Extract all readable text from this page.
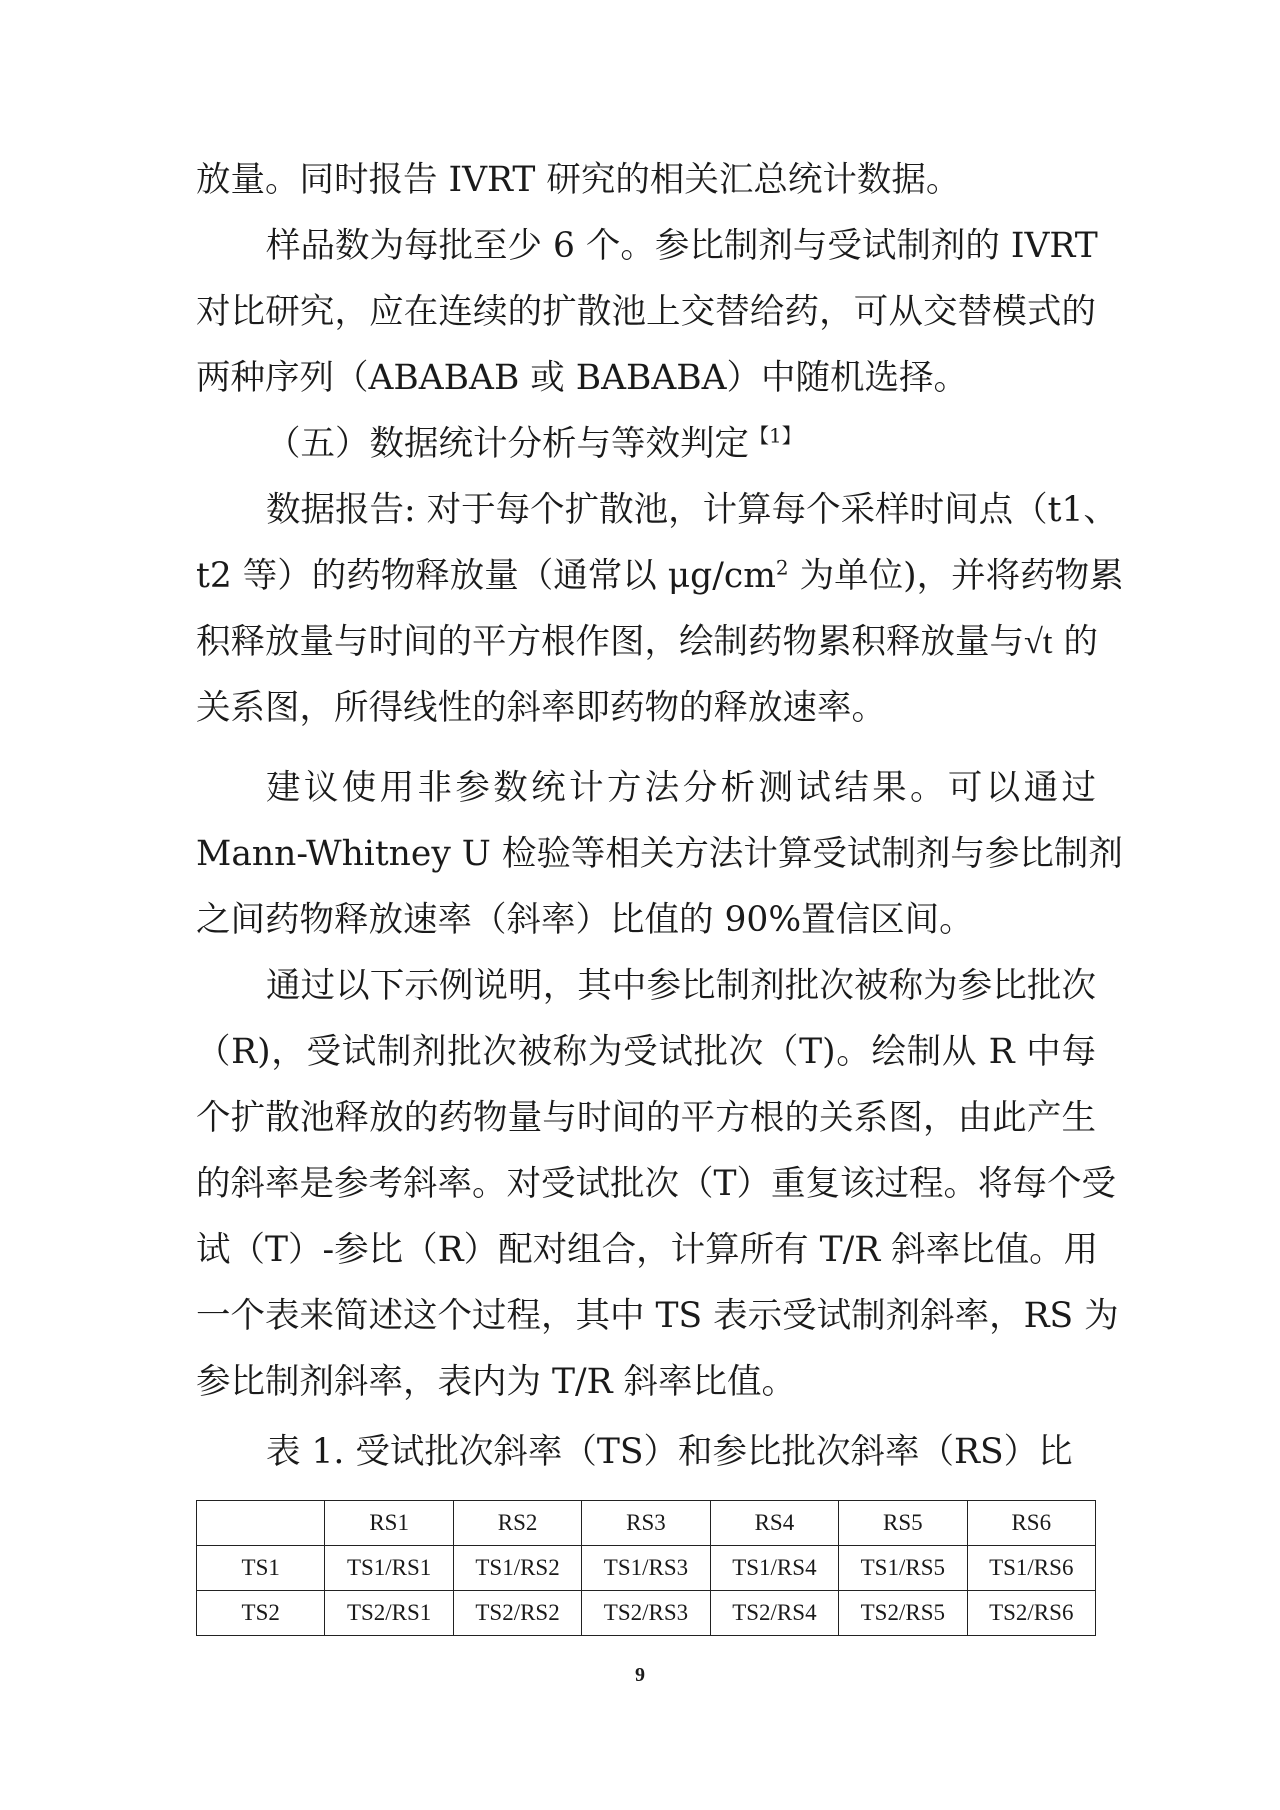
放量。同时报告 IVRT 研究的相关汇总统计数据。
样品数为每批至少 6 个。参比制剂与受试制剂的 IVRT
对比研究，应在连续的扩散池上交替给药，可从交替模式的
两种序列（ABABAB 或 BABABA）中随机选择。
（五）数据统计分析与等效判定$^{【1】}$
数据报告: 对于每个扩散池，计算每个采样时间点（t1、
t2 等）的药物释放量（通常以 $\mu g/cm^2$ 为单位)，并将药物累
积释放量与时间的平方根作图，绘制药物累积释放量与√t 的
关系图，所得线性的斜率即药物的释放速率。
建议使用非参数统计方法分析测试结果。可以通过
Mann-Whitney U 检验等相关方法计算受试制剂与参比制剂
之间药物释放速率（斜率）比值的 90%置信区间。
通过以下示例说明，其中参比制剂批次被称为参比批次
（R)，受试制剂批次被称为受试批次（T)。绘制从 R 中每
个扩散池释放的药物量与时间的平方根的关系图，由此产生
的斜率是参考斜率。对受试批次（T）重复该过程。将每个受
试（T）-参比（R）配对组合，计算所有 T/R 斜率比值。用
一个表来简述这个过程，其中 TS 表示受试制剂斜率，RS 为
参比制剂斜率，表内为 T/R 斜率比值。
表 1. 受试批次斜率（TS）和参比批次斜率（RS）比
	RS1	RS2	RS3	RS4	RS5	RS6
TS1	TS1/RS1	TS1/RS2	TS1/RS3	TS1/RS4	TS1/RS5	TS1/RS6
TS2	TS2/RS1	TS2/RS2	TS2/RS3	TS2/RS4	TS2/RS5	TS2/RS6
9
